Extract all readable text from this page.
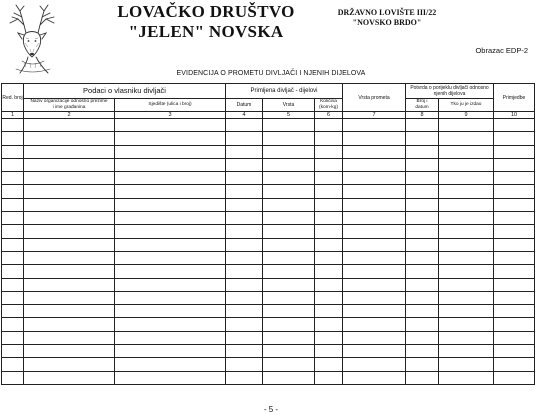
LOVAČKO DRUŠTVO
"JELEN" NOVSKA
DRŽAVNO LOVIŠTE III/22
"NOVSKO BRDO"
Obrazac EDP-2
EVIDENCIJA O PROMETU DIVLJAČI I NJENIH DIJELOVA
Red. broj	Podaci o vlasniku divljači		Primljena divljač - dijelovi			Vrsta prometa	Potvrda o porijeklu divljači odnosno njenih dijelova		Primjedbe
	Naziv organizacije odnosno prezime i ime građanina	Sjedište (ulica i broj)	Datum	Vrsta	Količina (kom-kg)		Broj i datum	Tko ju je izdao	

1	2	3	4	5	6	7	8	9	10

- 5 -
